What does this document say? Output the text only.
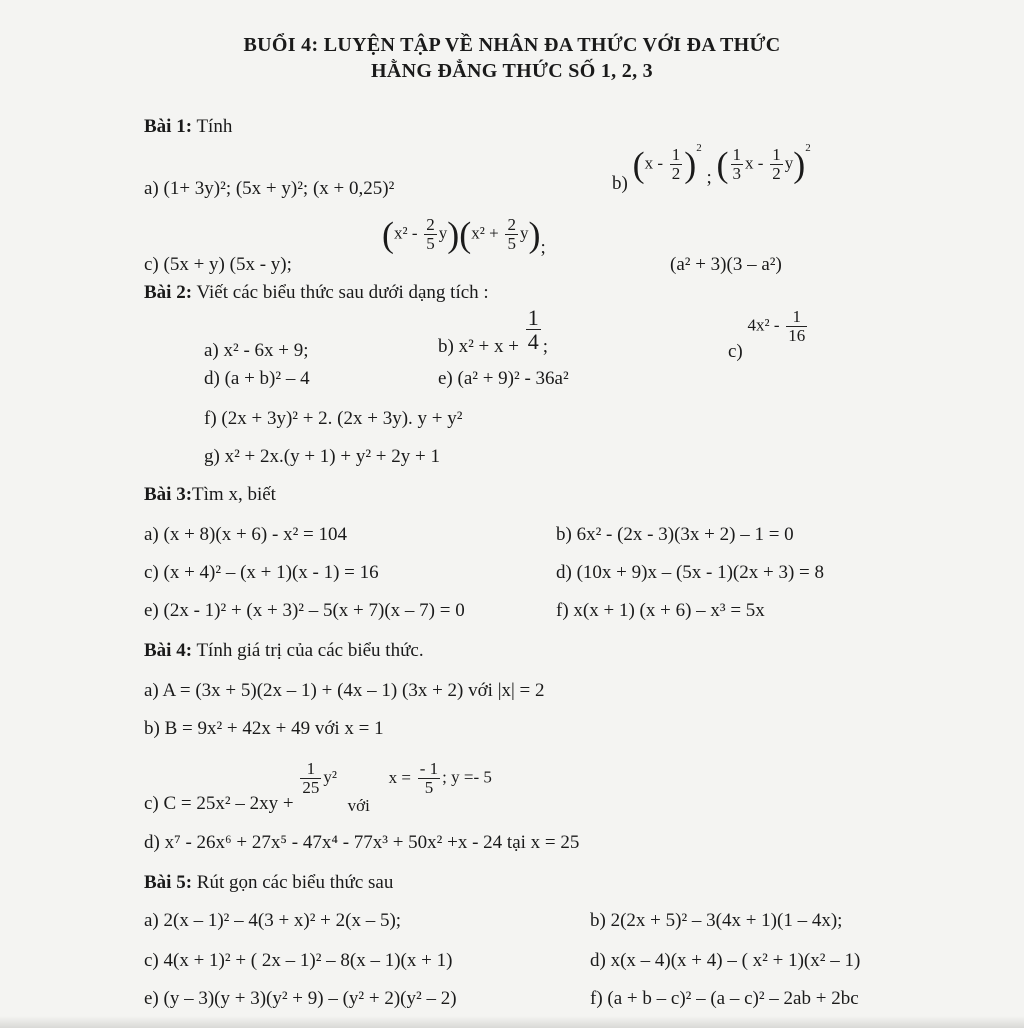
BUỔI 4: LUYỆN TẬP VỀ NHÂN ĐA THỨC VỚI ĐA THỨC
HẰNG ĐẲNG THỨC SỐ 1, 2, 3
Bài 1: Tính
a) (1+ 3y)²; (5x + y)²; (x + 0,25)²	b) $(x - \frac{1}{2} )^2$ ; ( $\frac{1}{3}$ x - $\frac{1}{2} y)^2$
c) (5x + y) (5x - y);
$(x^2 - \frac{2}{5} y)(x^2 + \frac{2}{5} y)$;
(a² + 3)(3 – a²)
Bài 2: Viết các biểu thức sau dưới dạng tích :
a) x² - 6x + 9;	b) $x^2 + x + \frac{1}{4}$ ;	c) $4x^2 - \frac{1}{16}$
d) (a + b)² – 4	e) (a² + 9)² - 36a²
f) (2x + 3y)² + 2. (2x + 3y). y + y²
g) x² + 2x.(y + 1) + y² + 2y + 1
Bài 3:Tìm x, biết
a) (x + 8)(x + 6) - x² = 104	b) 6x² - (2x - 3)(3x + 2) – 1 = 0
c) (x + 4)² – (x + 1)(x - 1) = 16	d) (10x + 9)x – (5x - 1)(2x + 3) = 8
e) (2x - 1)² + (x + 3)² – 5(x + 7)(x – 7) = 0	f) x(x + 1) (x + 6) – x³ = 5x
Bài 4: Tính giá trị của các biểu thức.
a) A = (3x + 5)(2x – 1) + (4x – 1) (3x + 2) với |x| = 2
b) B = 9x² + 42x + 49 với x = 1
c) C = 25x² – 2xy +
$\frac{1}{25} y^2$ với $x = \frac{- 1}{5}$ ; y =- 5
d) x⁷ - 26x⁶ + 27x⁵ - 47x⁴ - 77x³ + 50x² +x - 24 tại x = 25
Bài 5: Rút gọn các biểu thức sau
a) 2(x – 1)² – 4(3 + x)² + 2(x – 5);	b) 2(2x + 5)² – 3(4x + 1)(1 – 4x);
c) 4(x + 1)² + ( 2x – 1)² – 8(x – 1)(x + 1)	d) x(x – 4)(x + 4) – ( x² + 1)(x² – 1)
e) (y – 3)(y + 3)(y² + 9) – (y² + 2)(y² – 2)	f) (a + b – c)² – (a – c)² – 2ab + 2bc
